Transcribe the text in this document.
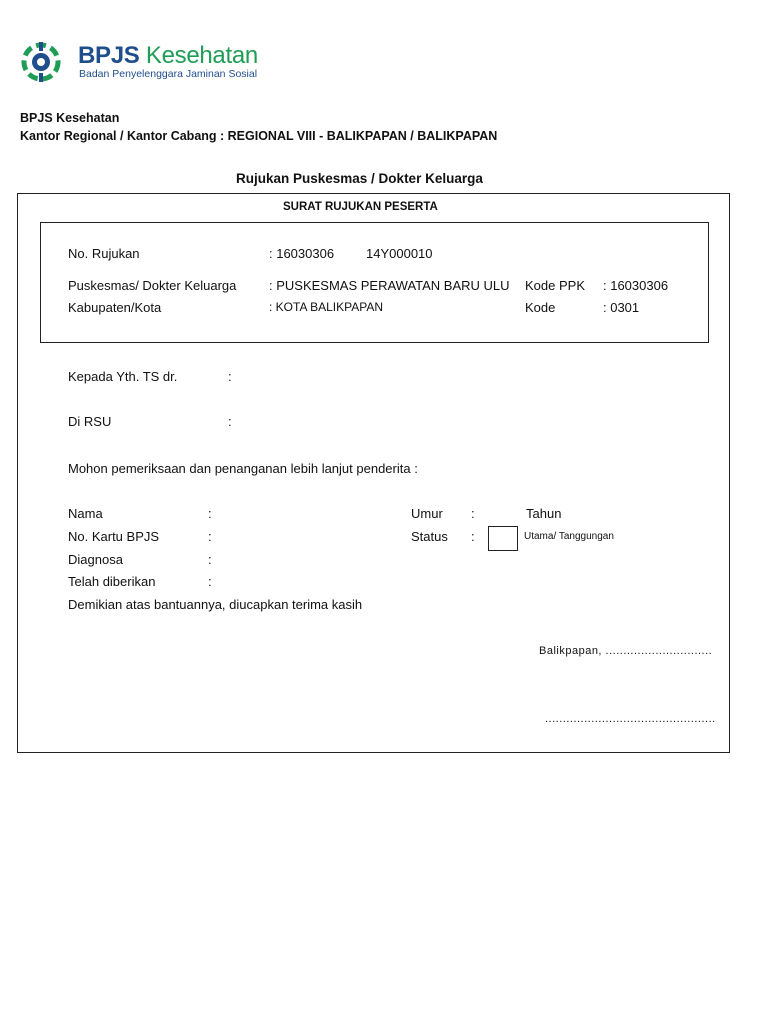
BPJS Kesehatan
Badan Penyelenggara Jaminan Sosial
BPJS Kesehatan
Kantor Regional / Kantor Cabang : REGIONAL VIII - BALIKPAPAN / BALIKPAPAN
Rujukan Puskesmas / Dokter Keluarga
SURAT RUJUKAN PESERTA
No. Rujukan	: 16030306 14Y000010
Puskesmas/ Dokter Keluarga	: PUSKESMAS PERAWATAN BARU ULU Kode PPK : 16030306
Kabupaten/Kota	: KOTA BALIKPAPAN	Kode	: 0301
Kepada Yth. TS dr.	:
Di RSU	:
Mohon pemeriksaan dan penanganan lebih lanjut penderita :
Nama	:	Umur :	Tahun
No. Kartu BPJS	:	Status :	Utama/ Tanggungan
Diagnosa	:
Telah diberikan	:
Demikian atas bantuannya, diucapkan terima kasih
Balikpapan, ..............................
................................................
